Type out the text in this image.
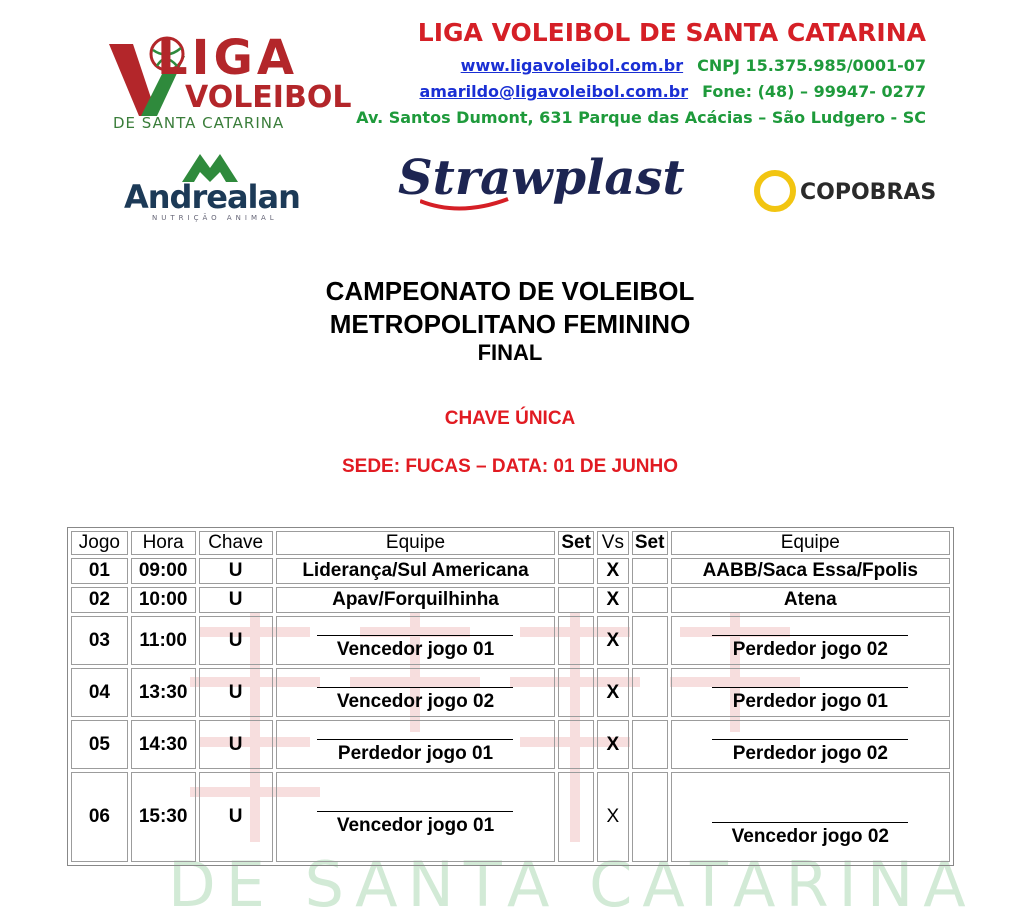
DE SANTA CATARINA
LIGA
VOLEIBOL
DE SANTA CATARINA
LIGA VOLEIBOL DE SANTA CATARINA
www.ligavoleibol.com.br CNPJ 15.375.985/0001-07
amarildo@ligavoleibol.com.br Fone: (48) – 99947- 0277
Av. Santos Dumont, 631 Parque das Acácias – São Ludgero - SC
Andrealan
NUTRIÇÃO ANIMAL
Strawplast	COPOBRAS
CAMPEONATO DE VOLEIBOL
METROPOLITANO FEMININO
FINAL
CHAVE ÚNICA
SEDE: FUCAS – DATA: 01 DE JUNHO
Jogo	Hora	Chave	Equipe	Set	Vs	Set	Equipe
01	09:00	U	Liderança/Sul Americana		X		AABB/Saca Essa/Fpolis
02	10:00	U	Apav/Forquilhinha		X		Atena
03	11:00	U	Vencedor jogo 01		X		Perdedor jogo 02
04	13:30	U	Vencedor jogo 02		X		Perdedor jogo 01
05	14:30	U	Perdedor jogo 01		X		Perdedor jogo 02
06	15:30	U	Vencedor jogo 01		X		Vencedor jogo 02
